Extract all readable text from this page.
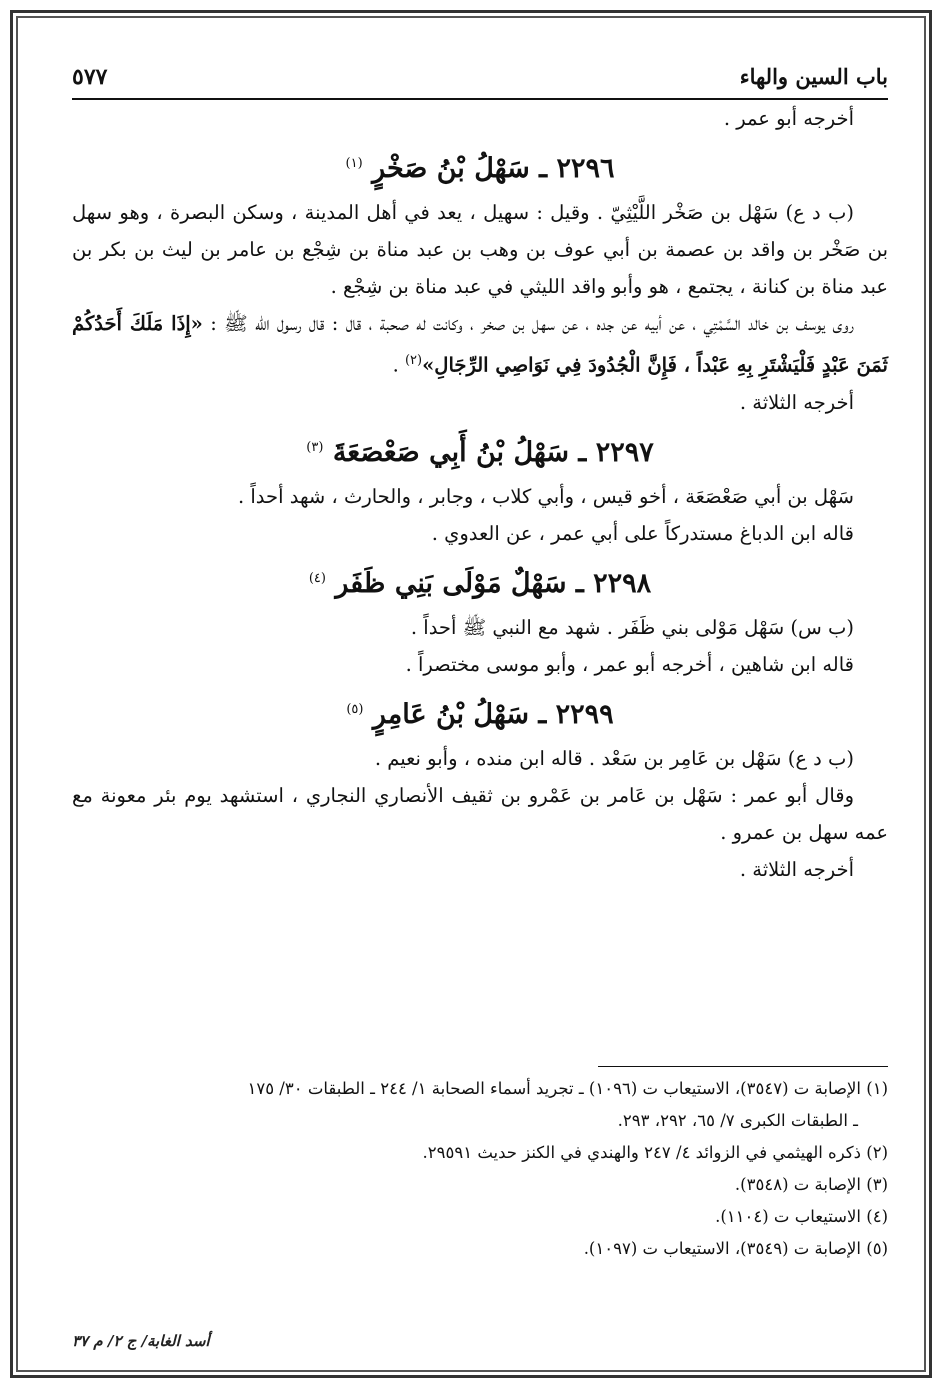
باب السين والهاء
٥٧٧

أخرجه أبو عمر .

٢٢٩٦ ـ سَهْلُ بْنُ صَخْرٍ $^{(١)}$

(ب د ع) سَهْل بن صَخْر اللَّيْثِيّ . وقيل : سهيل ، يعد في أهل المدينة ، وسكن البصرة ، وهو سهل بن صَخْر بن واقد بن عصمة بن أبي عوف بن وهب بن عبد مناة بن شِجْع بن عامر بن ليث بن بكر بن عبد مناة بن كنانة ، يجتمع ، هو وأبو واقد الليثي في عبد مناة بن شِجْع .

روى يوسف بن خالد السَّمْتِي ، عن أبيه عن جده ، عن سهل بن صخر ، وكانت له صحبة ، قال : قال رسول الله ﷺ : «إِذَا مَلَكَ أَحَدُكُمْ ثَمَنَ عَبْدٍ فَلْيَشْتَرِ بِهِ عَبْداً ، فَإِنَّ الْجُدُودَ فِي نَوَاصِي الرِّجَالِ»$^{(٢)}$ .

أخرجه الثلاثة .

٢٢٩٧ ـ سَهْلُ بْنُ أَبِي صَعْصَعَةَ $^{(٣)}$

سَهْل بن أبي صَعْصَعَة ، أخو قيس ، وأبي كلاب ، وجابر ، والحارث ، شهد أحداً .

قاله ابن الدباغ مستدركاً على أبي عمر ، عن العدوي .

٢٢٩٨ ـ سَهْلٌ مَوْلَى بَنِي ظَفَر $^{(٤)}$

(ب س) سَهْل مَوْلى بني ظَفَر . شهد مع النبي ﷺ أحداً .

قاله ابن شاهين ، أخرجه أبو عمر ، وأبو موسى مختصراً .

٢٢٩٩ ـ سَهْلُ بْنُ عَامِرٍ $^{(٥)}$

(ب د ع) سَهْل بن عَامِر بن سَعْد . قاله ابن منده ، وأبو نعيم .

وقال أبو عمر : سَهْل بن عَامر بن عَمْرو بن ثقيف الأنصاري النجاري ، استشهد يوم بئر معونة مع عمه سهل بن عمرو .

أخرجه الثلاثة .

(١) الإصابة ت (٣٥٤٧)، الاستيعاب ت (١٠٩٦) ـ تجريد أسماء الصحابة ١/ ٢٤٤ ـ الطبقات ٣٠/ ١٧٥
ـ الطبقات الكبرى ٧/ ٦٥، ٢٩٢، ٢٩٣.
(٢) ذكره الهيثمي في الزوائد ٤/ ٢٤٧ والهندي في الكنز حديث ٢٩٥٩١.
(٣) الإصابة ت (٣٥٤٨).
(٤) الاستيعاب ت (١١٠٤).
(٥) الإصابة ت (٣٥٤٩)، الاستيعاب ت (١٠٩٧).
أسد الغابة/ ج ٢/ م ٣٧
